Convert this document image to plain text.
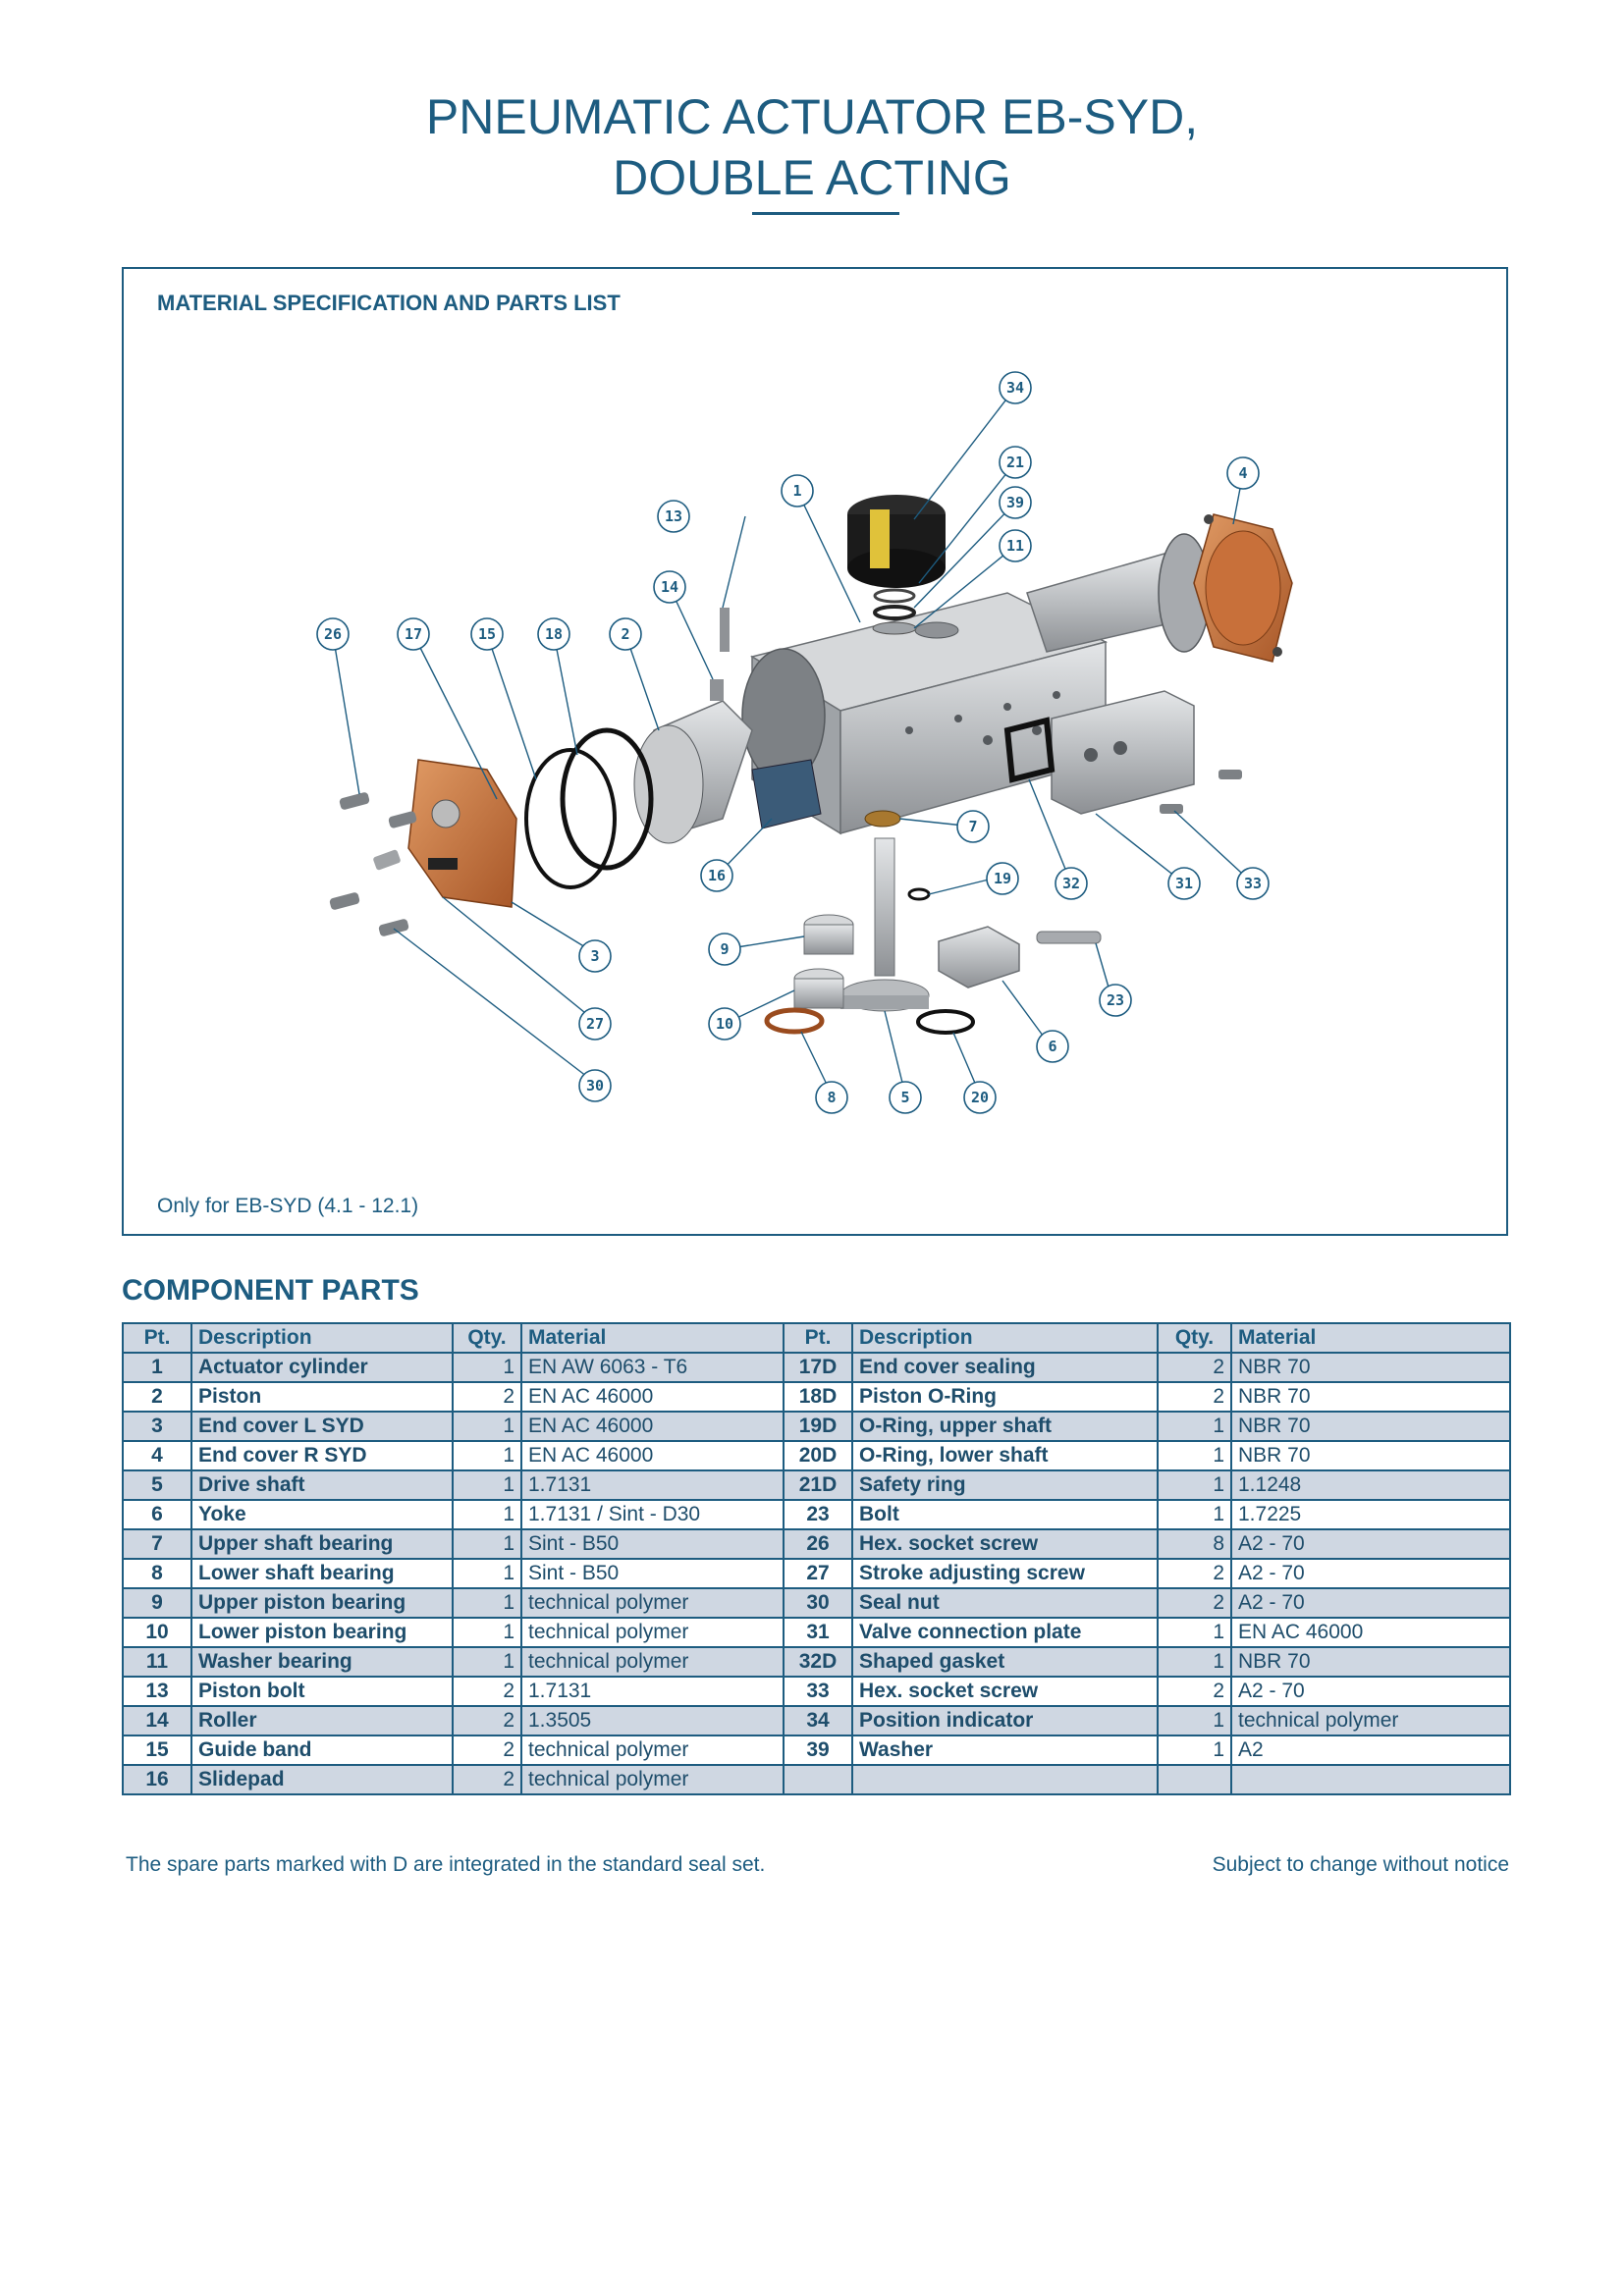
PNEUMATIC ACTUATOR EB-SYD,
DOUBLE ACTING
MATERIAL SPECIFICATION AND PARTS LIST
34
21
39
11
4
13
1
14
26	17	15	18	2
16
7
19	32	31	33
3	9
10
27
30
8	5	20
6
23
Only for EB-SYD (4.1 - 12.1)
COMPONENT PARTS
Pt.	Description	Qty.	Material	Pt.	Description	Qty.	Material
1	Actuator cylinder	1	EN AW 6063 - T6	17D	End cover sealing	2	NBR 70
2	Piston	2	EN AC 46000	18D	Piston O-Ring	2	NBR 70
3	End cover L SYD	1	EN AC 46000	19D	O-Ring, upper shaft	1	NBR 70
4	End cover R SYD	1	EN AC 46000	20D	O-Ring, lower shaft	1	NBR 70
5	Drive shaft	1	1.7131	21D	Safety ring	1	1.1248
6	Yoke	1	1.7131 / Sint - D30	23	Bolt	1	1.7225
7	Upper shaft bearing	1	Sint - B50	26	Hex. socket screw	8	A2 - 70
8	Lower shaft bearing	1	Sint - B50	27	Stroke adjusting screw	2	A2 - 70
9	Upper piston bearing	1	technical polymer	30	Seal nut	2	A2 - 70
10	Lower piston bearing	1	technical polymer	31	Valve connection plate	1	EN AC 46000
11	Washer bearing	1	technical polymer	32D	Shaped gasket	1	NBR 70
13	Piston bolt	2	1.7131	33	Hex. socket screw	2	A2 - 70
14	Roller	2	1.3505	34	Position indicator	1	technical polymer
15	Guide band	2	technical polymer	39	Washer	1	A2
16	Slidepad	2	technical polymer				
The spare parts marked with D are integrated in the standard seal set.	Subject to change without notice
